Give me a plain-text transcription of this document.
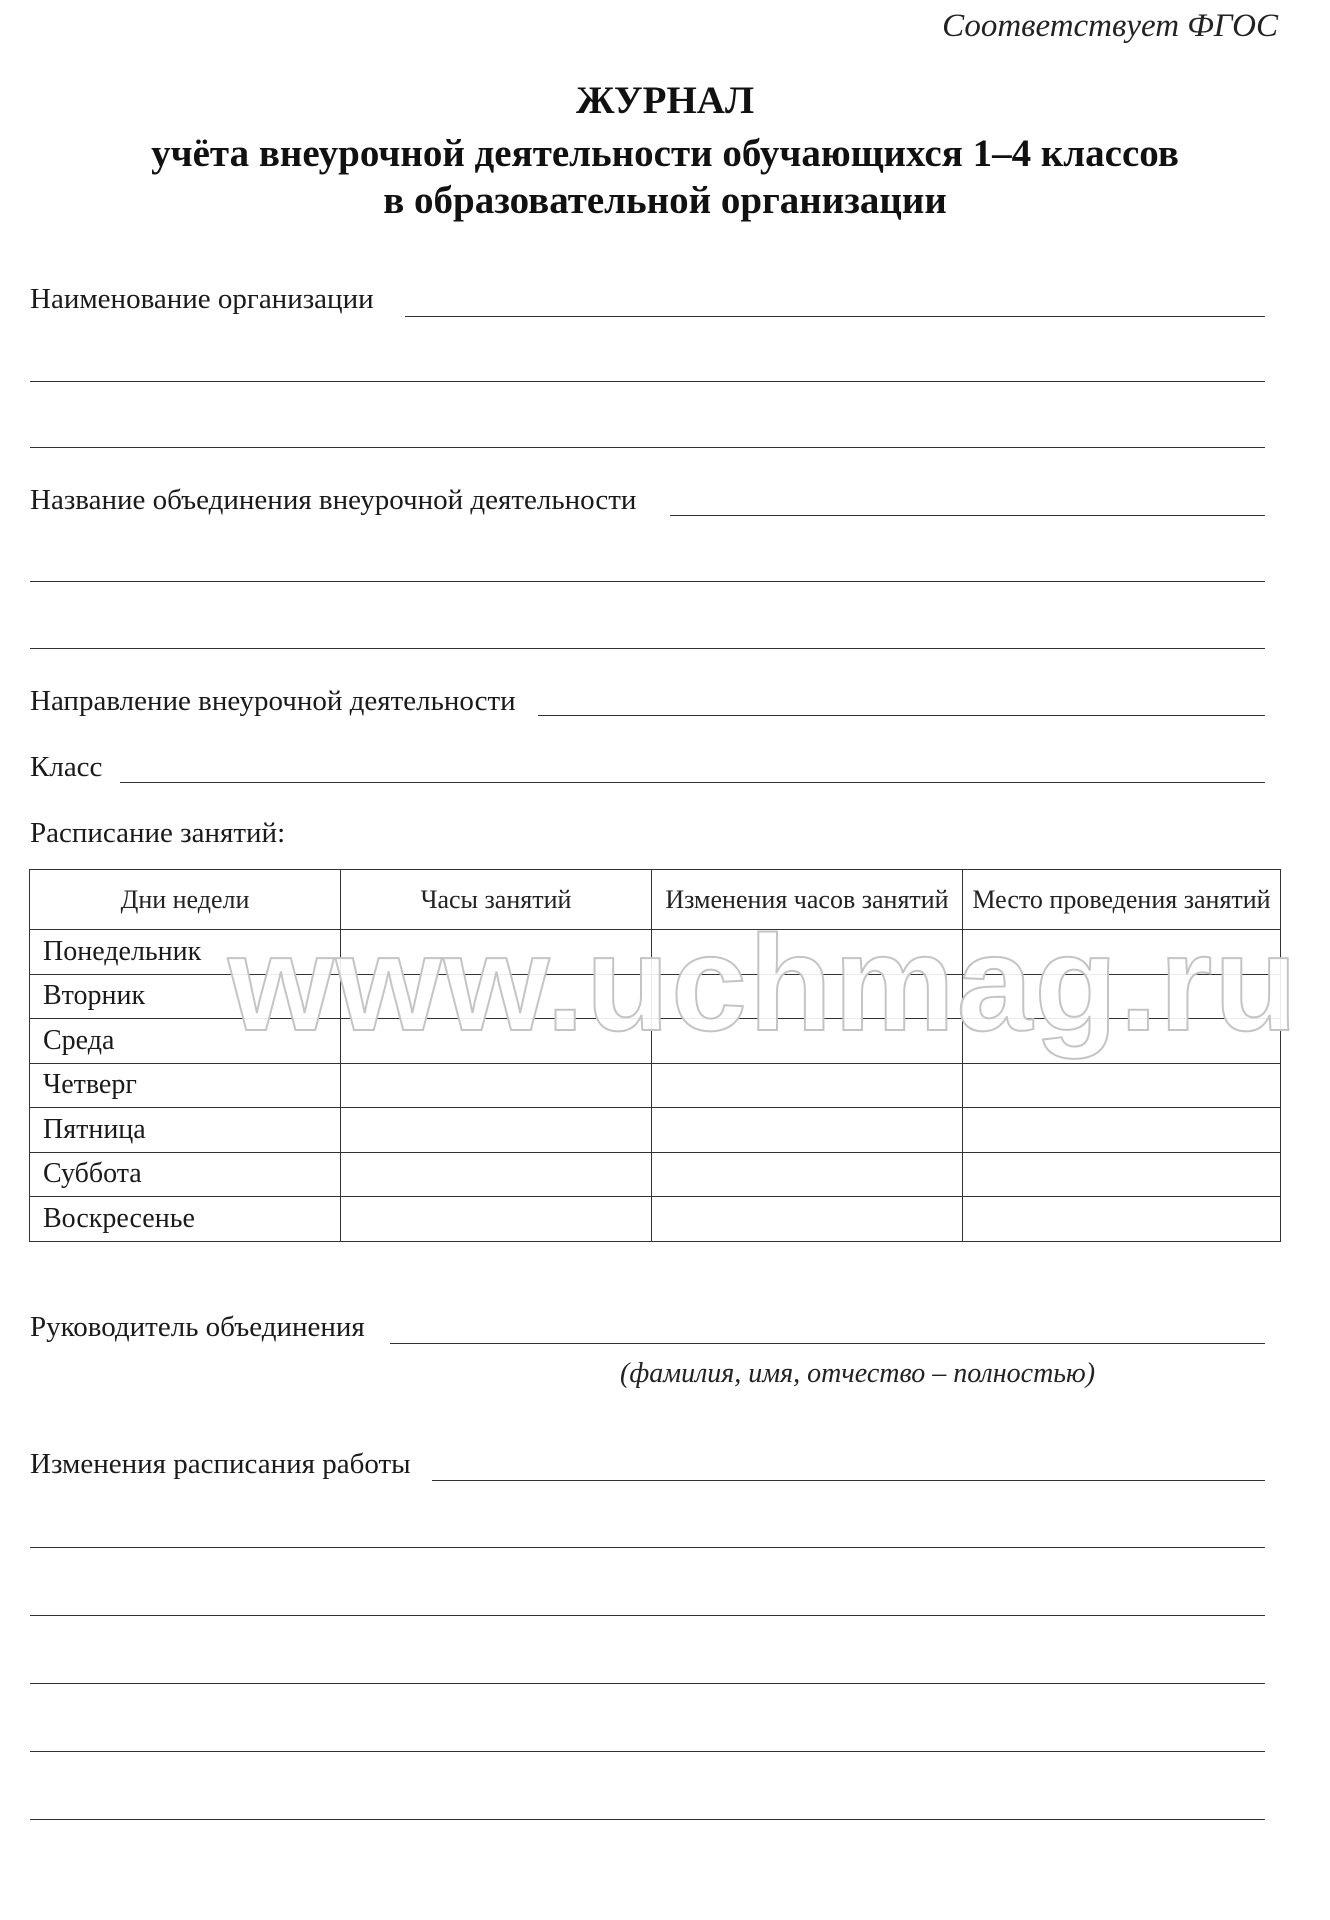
Соответствует ФГОС
ЖУРНАЛ
учёта внеурочной деятельности обучающихся 1–4 классов
в образовательной организации
Наименование организации
Название объединения внеурочной деятельности
Направление внеурочной деятельности
Класс
Расписание занятий:
Дни недели	Часы занятий	Изменения часов занятий	Место проведения занятий
Понедельник			
Вторник			
Среда			
Четверг			
Пятница			
Суббота			
Воскресенье			
www.uchmag.ru
Руководитель объединения
(фамилия, имя, отчество – полностью)
Изменения расписания работы
